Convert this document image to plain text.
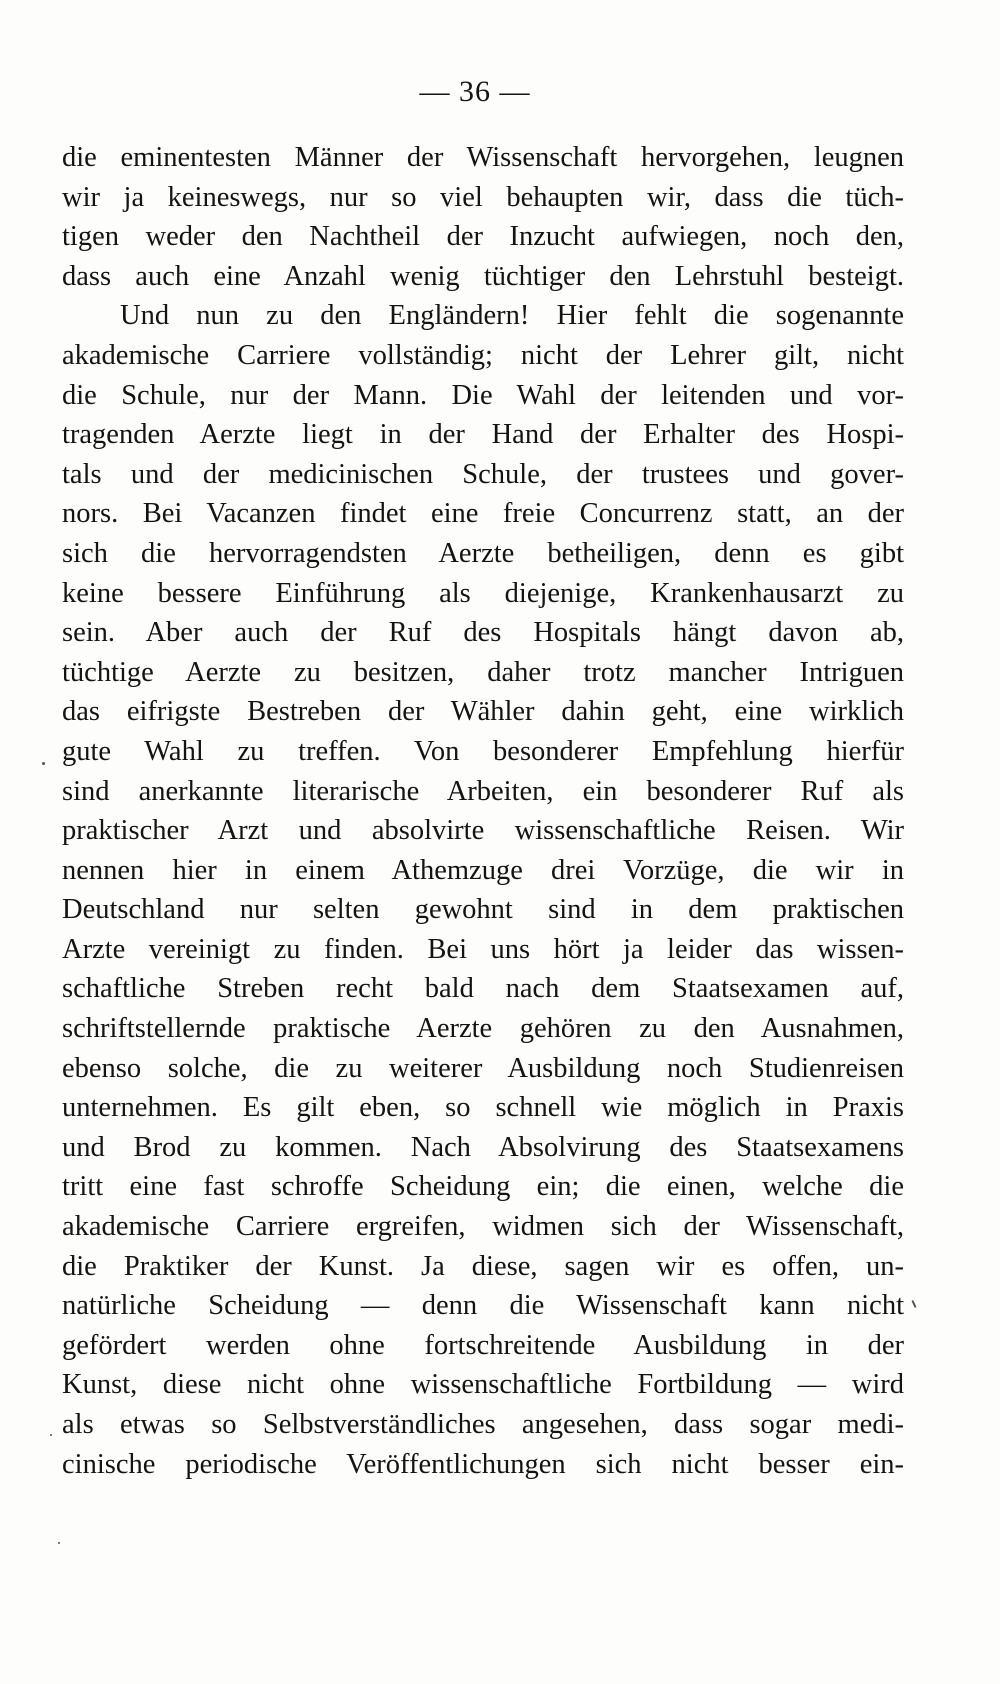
— 36 —
die eminentesten Männer der Wissenschaft hervorgehen, leugnen
wir ja keineswegs, nur so viel behaupten wir, dass die tüch-
tigen weder den Nachtheil der Inzucht aufwiegen, noch den,
dass auch eine Anzahl wenig tüchtiger den Lehrstuhl besteigt.
Und nun zu den Engländern! Hier fehlt die sogenannte
akademische Carriere vollständig; nicht der Lehrer gilt, nicht
die Schule, nur der Mann. Die Wahl der leitenden und vor-
tragenden Aerzte liegt in der Hand der Erhalter des Hospi-
tals und der medicinischen Schule, der trustees und gover-
nors. Bei Vacanzen findet eine freie Concurrenz statt, an der
sich die hervorragendsten Aerzte betheiligen, denn es gibt
keine bessere Einführung als diejenige, Krankenhausarzt zu
sein. Aber auch der Ruf des Hospitals hängt davon ab,
tüchtige Aerzte zu besitzen, daher trotz mancher Intriguen
das eifrigste Bestreben der Wähler dahin geht, eine wirklich
gute Wahl zu treffen. Von besonderer Empfehlung hierfür
sind anerkannte literarische Arbeiten, ein besonderer Ruf als
praktischer Arzt und absolvirte wissenschaftliche Reisen. Wir
nennen hier in einem Athemzuge drei Vorzüge, die wir in
Deutschland nur selten gewohnt sind in dem praktischen
Arzte vereinigt zu finden. Bei uns hört ja leider das wissen-
schaftliche Streben recht bald nach dem Staatsexamen auf,
schriftstellernde praktische Aerzte gehören zu den Ausnahmen,
ebenso solche, die zu weiterer Ausbildung noch Studienreisen
unternehmen. Es gilt eben, so schnell wie möglich in Praxis
und Brod zu kommen. Nach Absolvirung des Staatsexamens
tritt eine fast schroffe Scheidung ein; die einen, welche die
akademische Carriere ergreifen, widmen sich der Wissenschaft,
die Praktiker der Kunst. Ja diese, sagen wir es offen, un-
natürliche Scheidung — denn die Wissenschaft kann nicht
gefördert werden ohne fortschreitende Ausbildung in der
Kunst, diese nicht ohne wissenschaftliche Fortbildung — wird
als etwas so Selbstverständliches angesehen, dass sogar medi-
cinische periodische Veröffentlichungen sich nicht besser ein-
